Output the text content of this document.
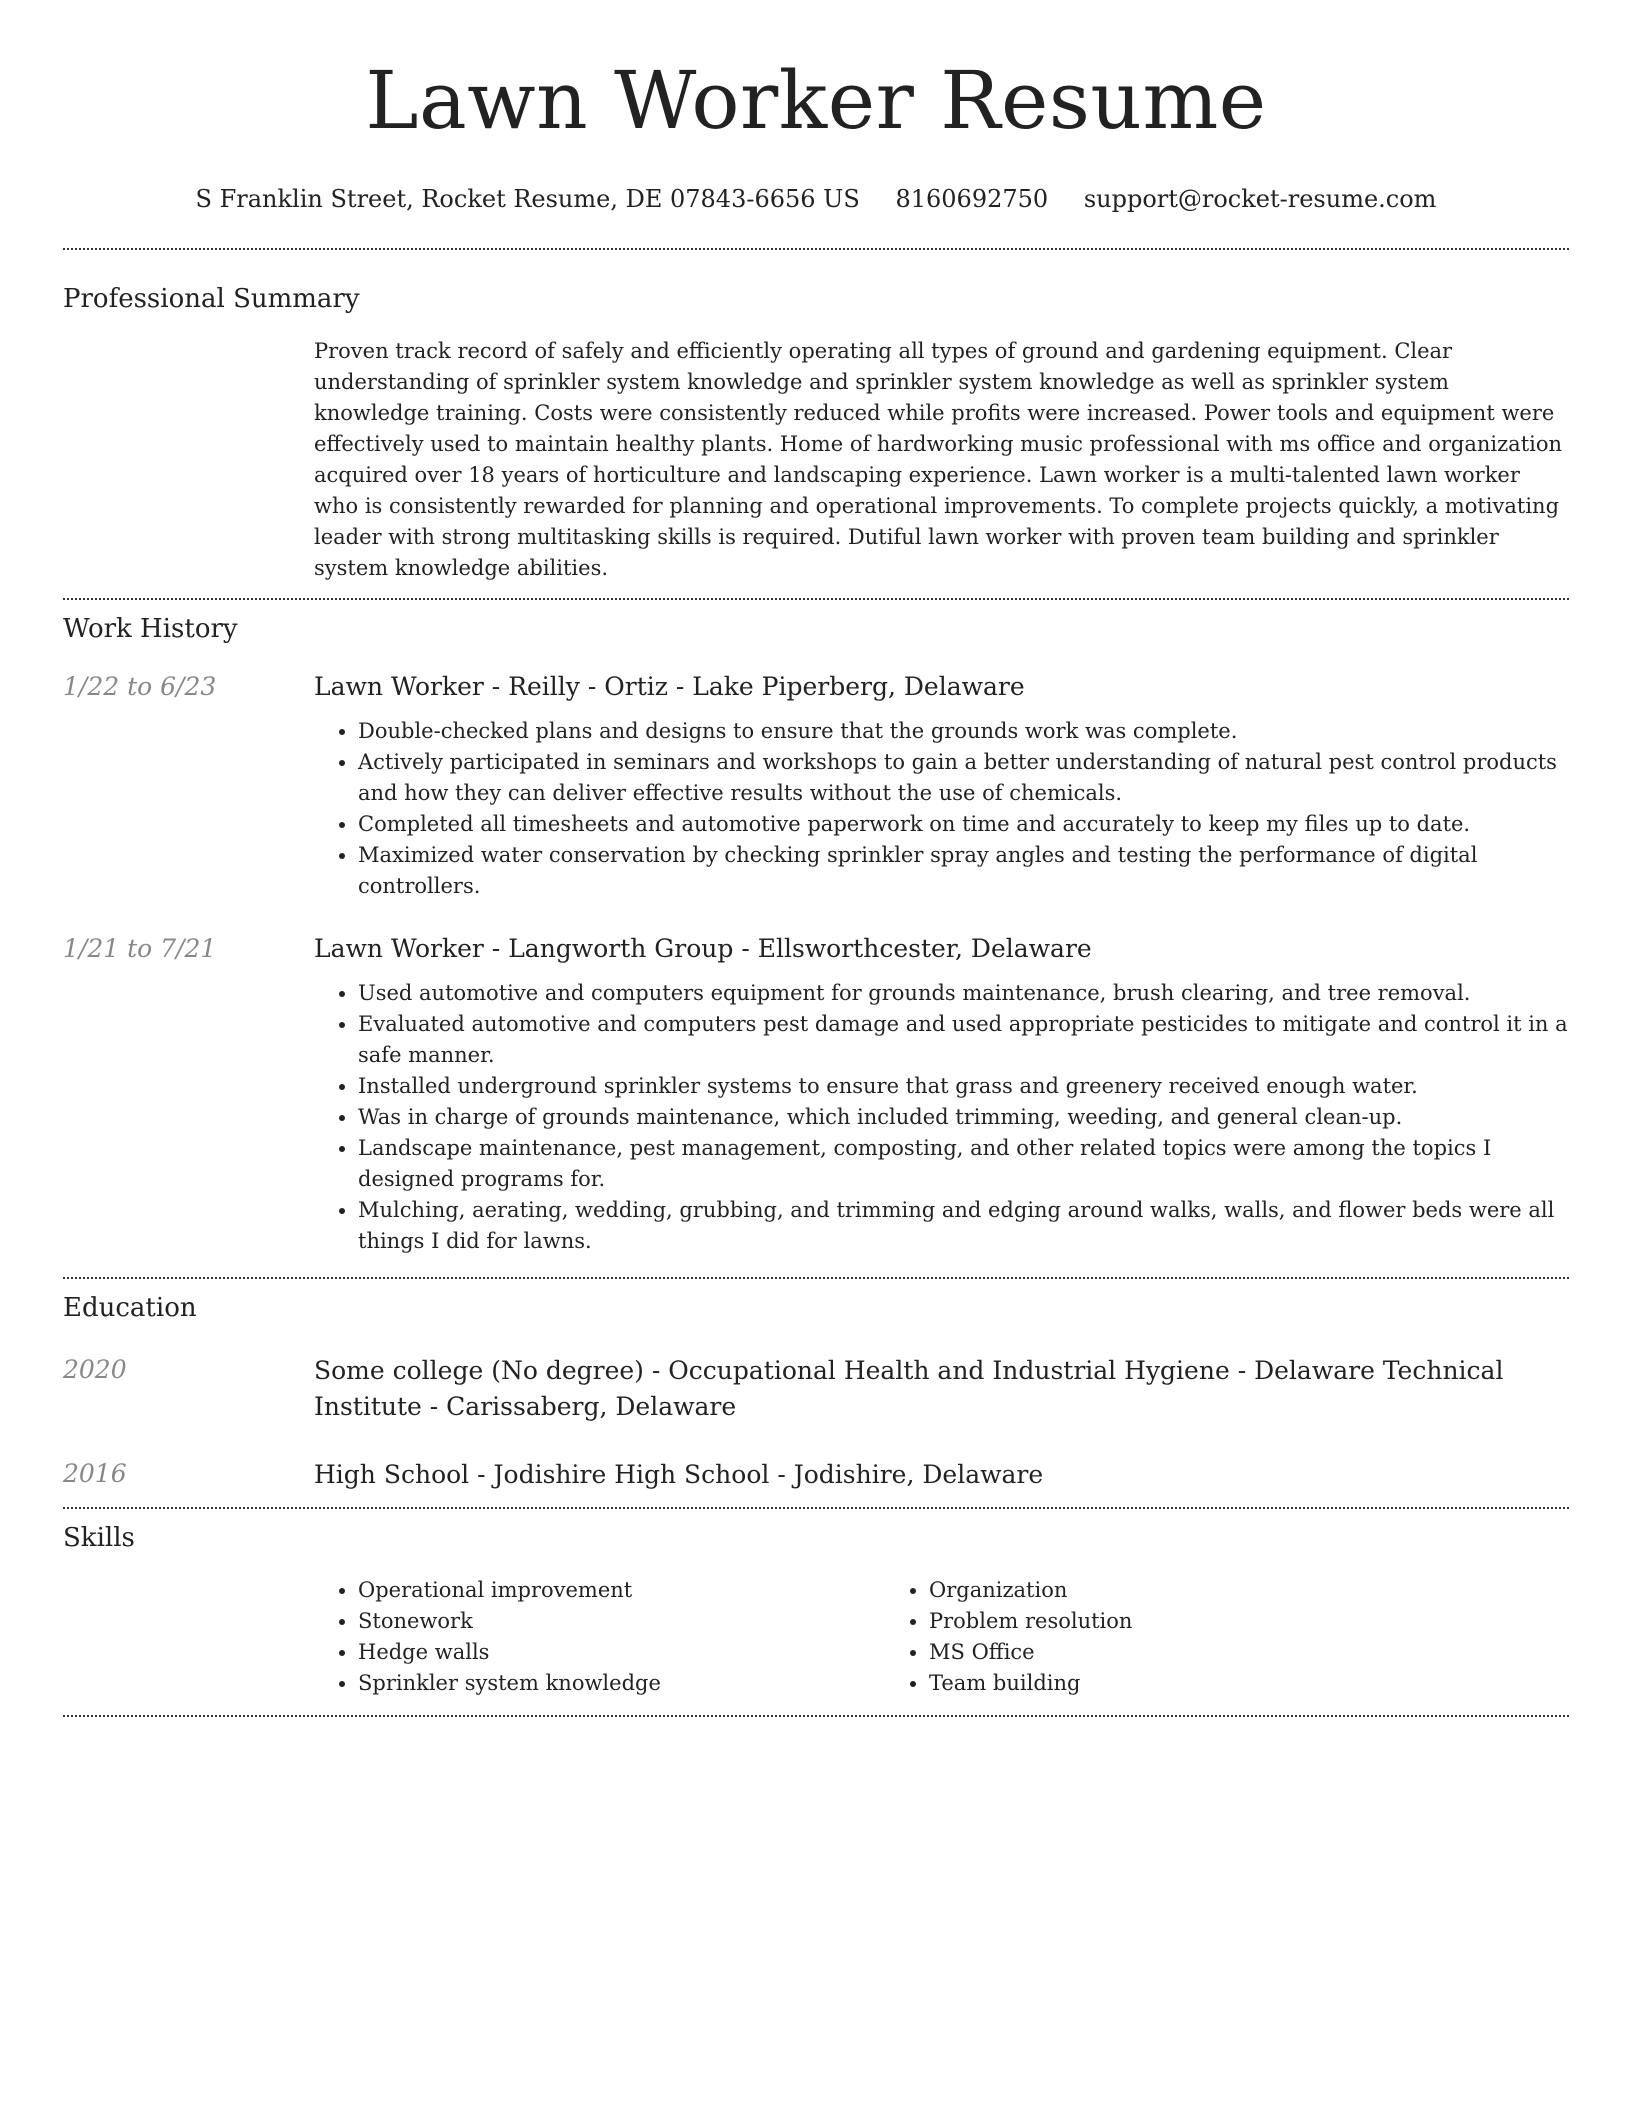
Lawn Worker Resume
S Franklin Street, Rocket Resume, DE 07843-6656 US 8160692750 support@rocket-resume.com
Professional Summary

Proven track record of safely and efficiently operating all types of ground and gardening equipment. Clear understanding of sprinkler system knowledge and sprinkler system knowledge as well as sprinkler system knowledge training. Costs were consistently reduced while profits were increased. Power tools and equipment were effectively used to maintain healthy plants. Home of hardworking music professional with ms office and organization acquired over 18 years of horticulture and landscaping experience. Lawn worker is a multi-talented lawn worker who is consistently rewarded for planning and operational improvements. To complete projects quickly, a motivating leader with strong multitasking skills is required. Dutiful lawn worker with proven team building and sprinkler system knowledge abilities.

Work History
1/22 to 6/23	Lawn Worker - Reilly - Ortiz - Lake Piperberg, Delaware
• Double-checked plans and designs to ensure that the grounds work was complete.
• Actively participated in seminars and workshops to gain a better understanding of natural pest control products and how they can deliver effective results without the use of chemicals.
• Completed all timesheets and automotive paperwork on time and accurately to keep my files up to date.
• Maximized water conservation by checking sprinkler spray angles and testing the performance of digital controllers.
1/21 to 7/21	Lawn Worker - Langworth Group - Ellsworthcester, Delaware
• Used automotive and computers equipment for grounds maintenance, brush clearing, and tree removal.
• Evaluated automotive and computers pest damage and used appropriate pesticides to mitigate and control it in a safe manner.
• Installed underground sprinkler systems to ensure that grass and greenery received enough water.
• Was in charge of grounds maintenance, which included trimming, weeding, and general clean-up.
• Landscape maintenance, pest management, composting, and other related topics were among the topics I designed programs for.
• Mulching, aerating, wedding, grubbing, and trimming and edging around walks, walls, and flower beds were all things I did for lawns.
Education
2020	Some college (No degree) - Occupational Health and Industrial Hygiene - Delaware Technical Institute - Carissaberg, Delaware
2016	High School - Jodishire High School - Jodishire, Delaware
Skills
• Operational improvement
• Stonework
• Hedge walls
• Sprinkler system knowledge
• Organization
• Problem resolution
• MS Office
• Team building
